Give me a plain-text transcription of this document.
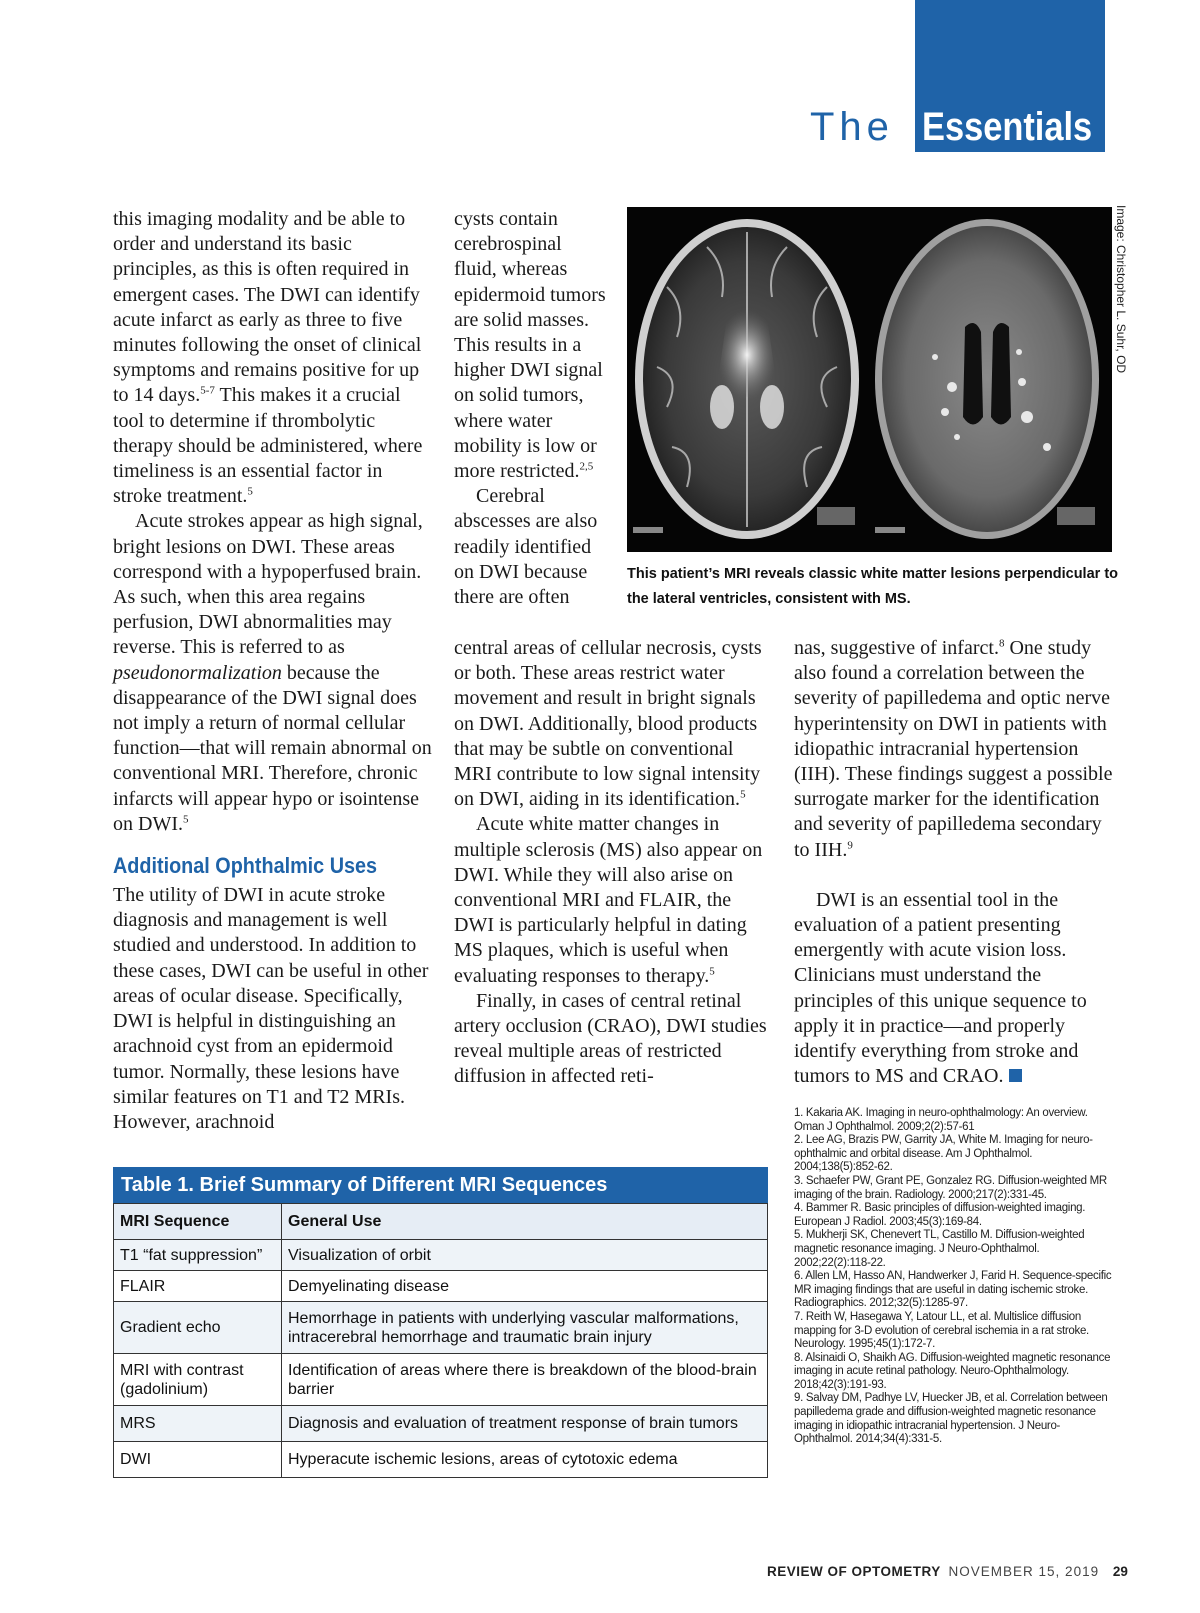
The Essentials

this imaging modality and be able to order and understand its basic principles, as this is often required in emergent cases. The DWI can identify acute infarct as early as three to five minutes following the onset of clinical symptoms and remains positive for up to 14 days.$^{5-7}$ This makes it a crucial tool to determine if thrombolytic therapy should be administered, where timeliness is an essential factor in stroke treatment.$^5$

Acute strokes appear as high signal, bright lesions on DWI. These areas correspond with a hypoperfused brain. As such, when this area regains perfusion, DWI abnormalities may reverse. This is referred to as pseudonormalization because the disappearance of the DWI signal does not imply a return of normal cellular function—that will remain abnormal on conventional MRI. Therefore, chronic infarcts will appear hypo or isointense on DWI.$^5$

Additional Ophthalmic Uses

The utility of DWI in acute stroke diagnosis and management is well studied and understood. In addition to these cases, DWI can be useful in other areas of ocular disease. Specifically, DWI is helpful in distinguishing an arachnoid cyst from an epidermoid tumor. Normally, these lesions have similar features on T1 and T2 MRIs. However, arachnoid

cysts contain cerebrospinal fluid, whereas epidermoid tumors are solid masses. This results in a higher DWI signal on solid tumors, where water mobility is low or more restricted.$^{2,5}$

Cerebral abscesses are also readily identified on DWI because there are often

central areas of cellular necrosis, cysts or both. These areas restrict water movement and result in bright signals on DWI. Additionally, blood products that may be subtle on conventional MRI contribute to low signal intensity on DWI, aiding in its identification.$^5$

Acute white matter changes in multiple sclerosis (MS) also appear on DWI. While they will also arise on conventional MRI and FLAIR, the DWI is particularly helpful in dating MS plaques, which is useful when evaluating responses to therapy.$^5$

Finally, in cases of central retinal artery occlusion (CRAO), DWI studies reveal multiple areas of restricted diffusion in affected reti-

nas, suggestive of infarct.$^8$ One study also found a correlation between the severity of papilledema and optic nerve hyperintensity on DWI in patients with idiopathic intracranial hypertension (IIH). These findings suggest a possible surrogate marker for the identification and severity of papilledema secondary to IIH.$^9$

DWI is an essential tool in the evaluation of a patient presenting emergently with acute vision loss. Clinicians must understand the principles of this unique sequence to apply it in practice—and properly identify everything from stroke and tumors to MS and CRAO.

Image: Christopher L. Suhr, OD
This patient’s MRI reveals classic white matter lesions perpendicular to the lateral ventricles, consistent with MS.
Table 1. Brief Summary of Different MRI Sequences
MRI Sequence	General Use
T1 “fat suppression”	Visualization of orbit
FLAIR	Demyelinating disease
Gradient echo	Hemorrhage in patients with underlying vascular malformations, intracerebral hemorrhage and traumatic brain injury
MRI with contrast (gadolinium)	Identification of areas where there is breakdown of the blood-brain barrier
MRS	Diagnosis and evaluation of treatment response of brain tumors
DWI	Hyperacute ischemic lesions, areas of cytotoxic edema
1. Kakaria AK. Imaging in neuro-ophthalmology: An overview. Oman J Ophthalmol. 2009;2(2):57-61
2. Lee AG, Brazis PW, Garrity JA, White M. Imaging for neuro-ophthalmic and orbital disease. Am J Ophthalmol. 2004;138(5):852-62.
3. Schaefer PW, Grant PE, Gonzalez RG. Diffusion-weighted MR imaging of the brain. Radiology. 2000;217(2):331-45.
4. Bammer R. Basic principles of diffusion-weighted imaging. European J Radiol. 2003;45(3):169-84.
5. Mukherji SK, Chenevert TL, Castillo M. Diffusion-weighted magnetic resonance imaging. J Neuro-Ophthalmol. 2002;22(2):118-22.
6. Allen LM, Hasso AN, Handwerker J, Farid H. Sequence-specific MR imaging findings that are useful in dating ischemic stroke. Radiographics. 2012;32(5):1285-97.
7. Reith W, Hasegawa Y, Latour LL, et al. Multislice diffusion mapping for 3-D evolution of cerebral ischemia in a rat stroke. Neurology. 1995;45(1):172-7.
8. Alsinaidi O, Shaikh AG. Diffusion-weighted magnetic resonance imaging in acute retinal pathology. Neuro-Ophthalmology. 2018;42(3):191-93.
9. Salvay DM, Padhye LV, Huecker JB, et al. Correlation between papilledema grade and diffusion-weighted magnetic resonance imaging in idiopathic intracranial hypertension. J Neuro-Ophthalmol. 2014;34(4):331-5.
REVIEW OF OPTOMETRY NOVEMBER 15, 2019 29
